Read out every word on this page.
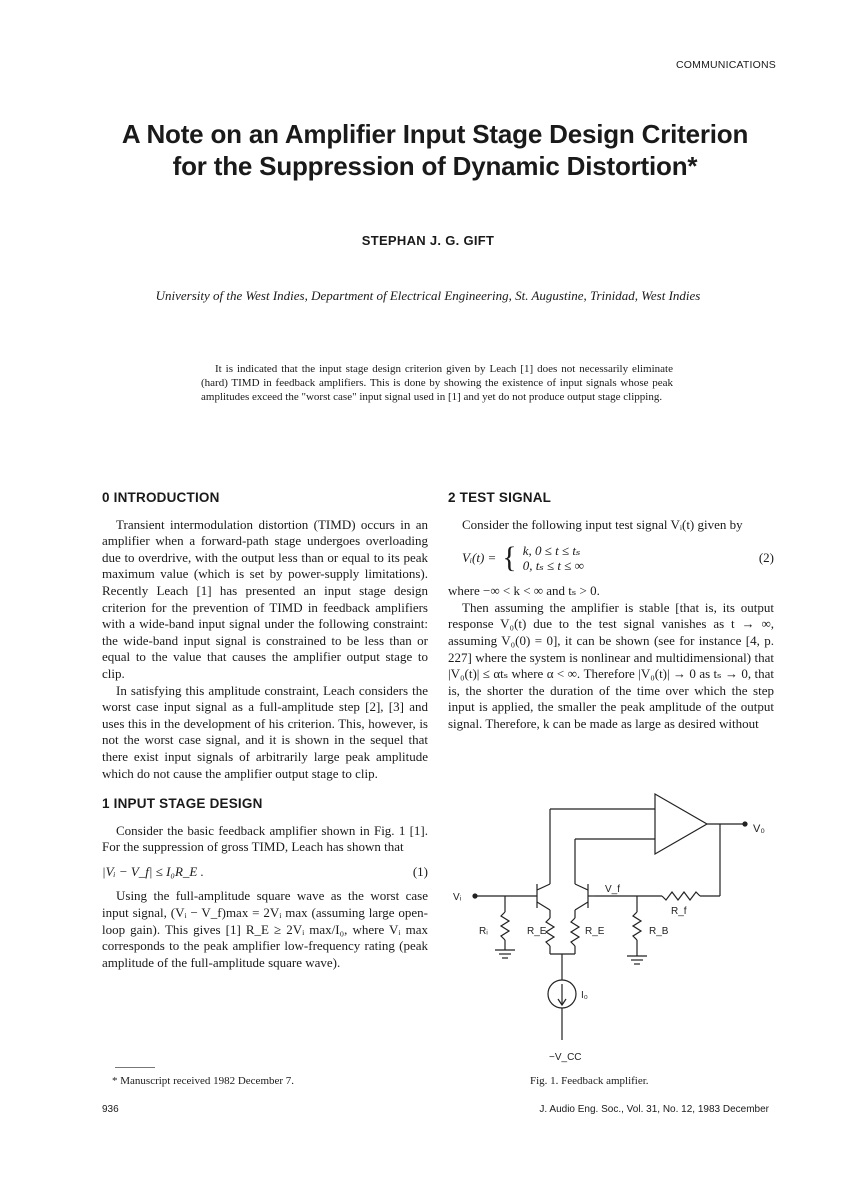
COMMUNICATIONS
A Note on an Amplifier Input Stage Design Criterion
for the Suppression of Dynamic Distortion*
STEPHAN J. G. GIFT
University of the West Indies, Department of Electrical Engineering, St. Augustine, Trinidad, West Indies
It is indicated that the input stage design criterion given by Leach [1] does not necessarily eliminate (hard) TIMD in feedback amplifiers. This is done by showing the existence of input signals whose peak amplitudes exceed the "worst case" input signal used in [1] and yet do not produce output stage clipping.
0 INTRODUCTION

Transient intermodulation distortion (TIMD) occurs in an amplifier when a forward-path stage undergoes overloading due to overdrive, with the output less than or equal to its peak maximum value (which is set by power-supply limitations). Recently Leach [1] has presented an input stage design criterion for the prevention of TIMD in feedback amplifiers with a wide-band input signal under the following constraint: the wide-band input signal is constrained to be less than or equal to the value that causes the amplifier output stage to clip.

In satisfying this amplitude constraint, Leach considers the worst case input signal as a full-amplitude step [2], [3] and uses this in the development of his criterion. This, however, is not the worst case signal, and it is shown in the sequel that there exist input signals of arbitrarily large peak amplitude which do not cause the amplifier output stage to clip.

1 INPUT STAGE DESIGN

Consider the basic feedback amplifier shown in Fig. 1 [1]. For the suppression of gross TIMD, Leach has shown that

|Vᵢ − V_f| ≤ I₀R_E .	(1)

Using the full-amplitude square wave as the worst case input signal, (Vᵢ − V_f)max = 2Vᵢ max (assuming large open-loop gain). This gives [1] R_E ≥ 2Vᵢ max/I₀, where Vᵢ max corresponds to the peak amplifier low-frequency rating (peak amplitude of the full-amplitude square wave).

2 TEST SIGNAL

Consider the following input test signal Vᵢ(t) given by

Vᵢ(t) = { k, 0 ≤ t ≤ tₛ
0, tₛ ≤ t ≤ ∞
(2)

where −∞ < k < ∞ and tₛ > 0.

Then assuming the amplifier is stable [that is, its output response V₀(t) due to the test signal vanishes as t → ∞, assuming V₀(0) = 0], it can be shown (see for instance [4, p. 227] where the system is nonlinear and multidimensional) that |V₀(t)| ≤ αtₛ where α < ∞. Therefore |V₀(t)| → 0 as tₛ → 0, that is, the shorter the duration of the time over which the step input is applied, the smaller the peak amplitude of the output signal. Therefore, k can be made as large as desired without

V₀
R_f
V_f
Vᵢ
Rᵢ	R_E	R_E
I₀
−V_CC
R_B
Fig. 1. Feedback amplifier.
* Manuscript received 1982 December 7.
936	J. Audio Eng. Soc., Vol. 31, No. 12, 1983 December
